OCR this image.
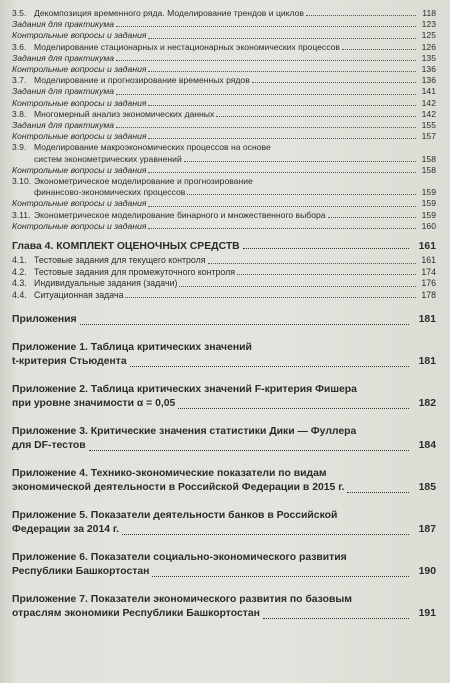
3.5. Декомпозиция временного ряда. Моделирование трендов и циклов	118
Задания для практикума	123
Контрольные вопросы и задания	125
3.6. Моделирование стационарных и нестационарных экономических процессов	126
Задания для практикума	135
Контрольные вопросы и задания	136
3.7. Моделирование и прогнозирование временных рядов	136
Задания для практикума	141
Контрольные вопросы и задания	142
3.8. Многомерный анализ экономических данных	142
Задания для практикума	155
Контрольные вопросы и задания	157
3.9. Моделирование макроэкономических процессов на основе
систем эконометрических уравнений	158
Контрольные вопросы и задания	158
3.10. Эконометрическое моделирование и прогнозирование
финансово-экономических процессов	159
Контрольные вопросы и задания	159
3.11. Эконометрическое моделирование бинарного и множественного выбора	159
Контрольные вопросы и задания	160
Глава 4. КОМПЛЕКТ ОЦЕНОЧНЫХ СРЕДСТВ	161
4.1. Тестовые задания для текущего контроля	161
4.2. Тестовые задания для промежуточного контроля	174
4.3. Индивидуальные задания (задачи)	176
4.4. Ситуационная задача	178
Приложения	181
Приложение 1. Таблица критических значений
t-критерия Стьюдента	181
Приложение 2. Таблица критических значений F-критерия Фишера
при уровне значимости α = 0,05	182
Приложение 3. Критические значения статистики Дики — Фуллера
для DF-тестов	184
Приложение 4. Технико-экономические показатели по видам
экономической деятельности в Российской Федерации в 2015 г.	185
Приложение 5. Показатели деятельности банков в Российской
Федерации за 2014 г.	187
Приложение 6. Показатели социально-экономического развития
Республики Башкортостан	190
Приложение 7. Показатели экономического развития по базовым
отраслям экономики Республики Башкортостан	191
